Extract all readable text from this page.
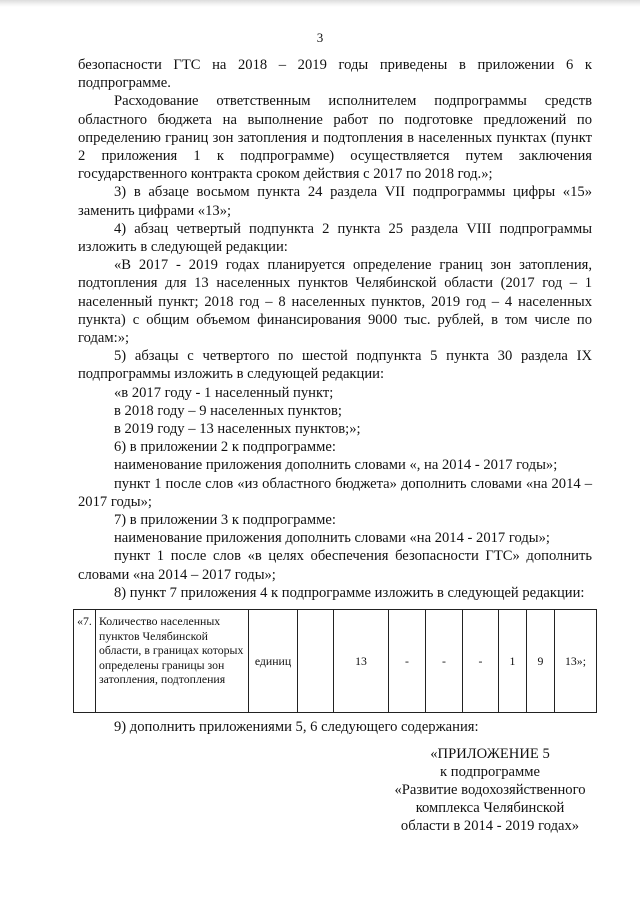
3

безопасности ГТС на 2018 – 2019 годы приведены в приложении 6 к подпрограмме.

Расходование ответственным исполнителем подпрограммы средств областного бюджета на выполнение работ по подготовке предложений по определению границ зон затопления и подтопления в населенных пунктах (пункт 2 приложения 1 к подпрограмме) осуществляется путем заключения государственного контракта сроком действия с 2017 по 2018 год.»;

3) в абзаце восьмом пункта 24 раздела VII подпрограммы цифры «15» заменить цифрами «13»;

4) абзац четвертый подпункта 2 пункта 25 раздела VIII подпрограммы изложить в следующей редакции:

«В 2017 - 2019 годах планируется определение границ зон затопления, подтопления для 13 населенных пунктов Челябинской области (2017 год – 1 населенный пункт; 2018 год – 8 населенных пунктов, 2019 год – 4 населенных пункта) с общим объемом финансирования 9000 тыс. рублей, в том числе по годам:»;

5) абзацы с четвертого по шестой подпункта 5 пункта 30 раздела IX подпрограммы изложить в следующей редакции:

«в 2017 году - 1 населенный пункт;

в 2018 году – 9 населенных пунктов;

в 2019 году – 13 населенных пунктов;»;

6) в приложении 2 к подпрограмме:

наименование приложения дополнить словами «, на 2014 - 2017 годы»;

пункт 1 после слов «из областного бюджета» дополнить словами «на 2014 – 2017 годы»;

7) в приложении 3 к подпрограмме:

наименование приложения дополнить словами «на 2014 - 2017 годы»;

пункт 1 после слов «в целях обеспечения безопасности ГТС» дополнить словами «на 2014 – 2017 годы»;

8) пункт 7 приложения 4 к подпрограмме изложить в следующей редакции:

«7.	Количество населенных пунктов Челябинской области, в границах которых определены границы зон затопления, подтопления	единиц		13	-	-	-	1	9	13»;

9) дополнить приложениями 5, 6 следующего содержания:

«ПРИЛОЖЕНИЕ 5
к подпрограмме
«Развитие водохозяйственного
комплекса Челябинской
области в 2014 - 2019 годах»
